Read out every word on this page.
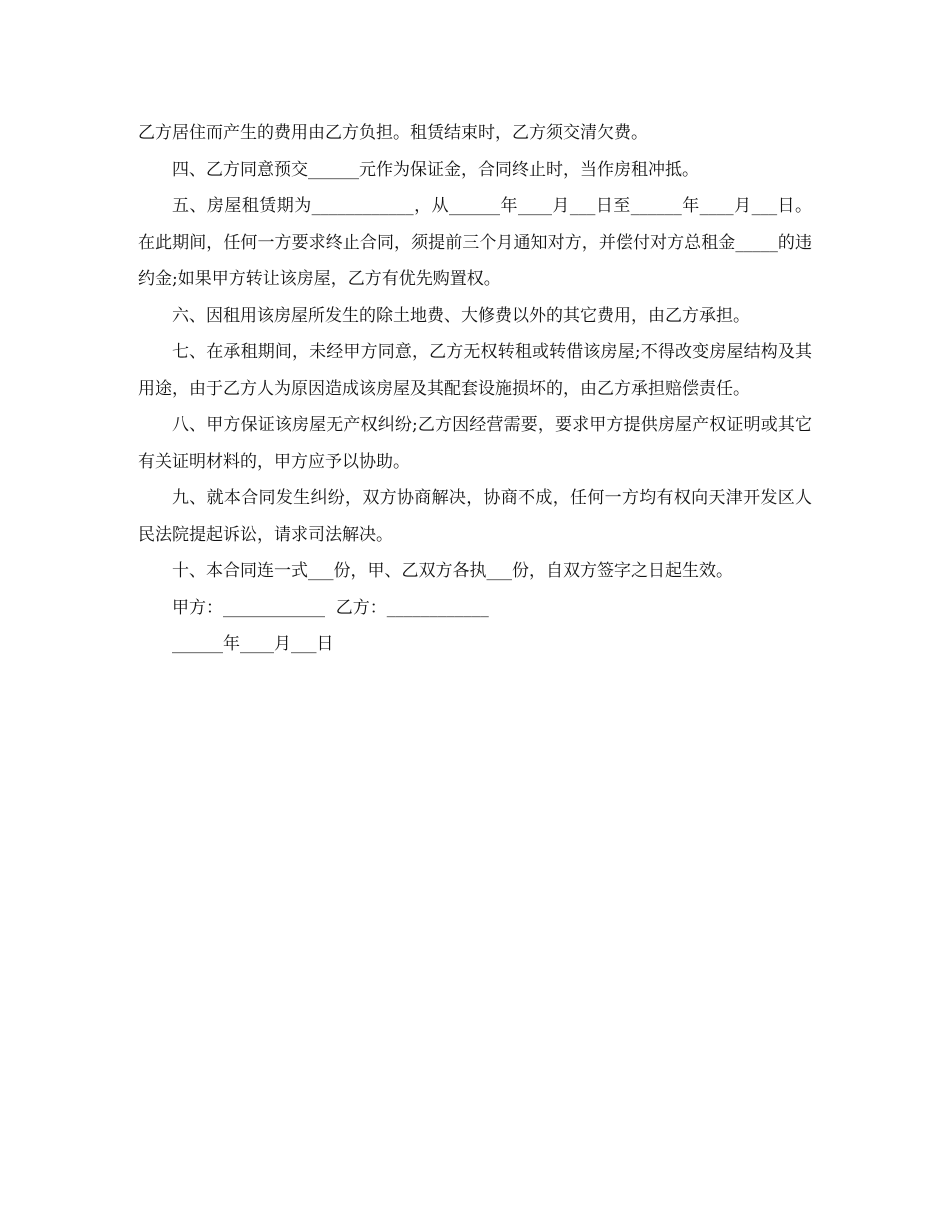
乙方居住而产生的费用由乙方负担。租赁结束时，乙方须交清欠费。

四、乙方同意预交______元作为保证金，合同终止时，当作房租冲抵。

五、房屋租赁期为____________，从______年____月___日至______年____月___日。在此期间，任何一方要求终止合同，须提前三个月通知对方，并偿付对方总租金_____的违约金;如果甲方转让该房屋，乙方有优先购置权。

六、因租用该房屋所发生的除土地费、大修费以外的其它费用，由乙方承担。

七、在承租期间，未经甲方同意，乙方无权转租或转借该房屋;不得改变房屋结构及其用途，由于乙方人为原因造成该房屋及其配套设施损坏的，由乙方承担赔偿责任。

八、甲方保证该房屋无产权纠纷;乙方因经营需要，要求甲方提供房屋产权证明或其它有关证明材料的，甲方应予以协助。

九、就本合同发生纠纷，双方协商解决，协商不成，任何一方均有权向天津开发区人民法院提起诉讼，请求司法解决。

十、本合同连一式___份，甲、乙双方各执___份，自双方签字之日起生效。

甲方：____________  乙方：____________

______年____月___日
